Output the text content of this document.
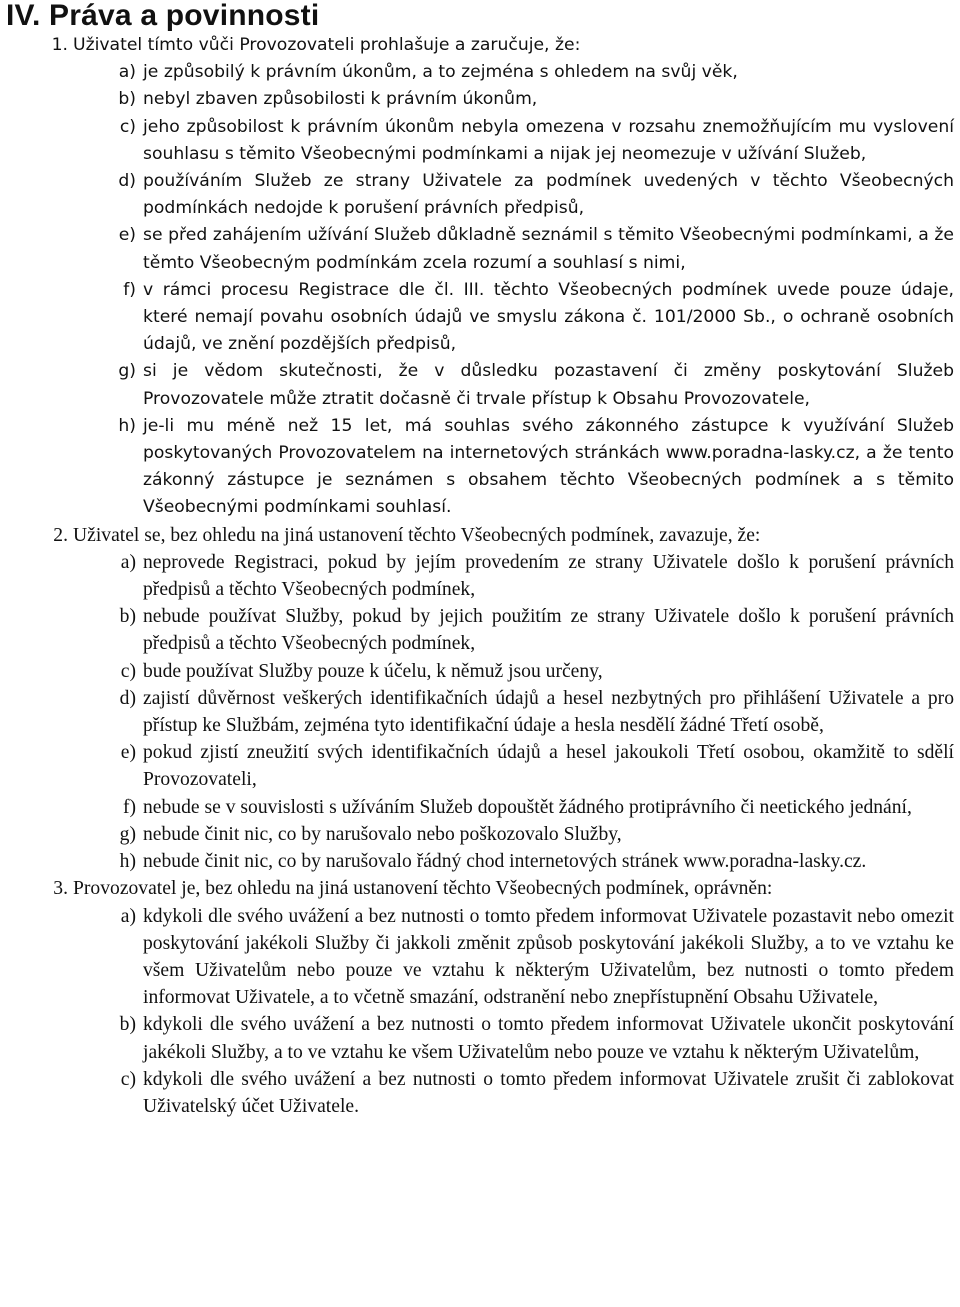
IV. Práva a povinnosti
1. Uživatel tímto vůči Provozovateli prohlašuje a zaručuje, že:
a) je způsobilý k právním úkonům, a to zejména s ohledem na svůj věk,
b) nebyl zbaven způsobilosti k právním úkonům,
c) jeho způsobilost k právním úkonům nebyla omezena v rozsahu znemožňujícím mu vyslovení souhlasu s těmito Všeobecnými podmínkami a nijak jej neomezuje v užívání Služeb,
d) používáním Služeb ze strany Uživatele za podmínek uvedených v těchto Všeobecných podmínkách nedojde k porušení právních předpisů,
e) se před zahájením užívání Služeb důkladně seznámil s těmito Všeobecnými podmínkami, a že těmto Všeobecným podmínkám zcela rozumí a souhlasí s nimi,
f) v rámci procesu Registrace dle čl. III. těchto Všeobecných podmínek uvede pouze údaje, které nemají povahu osobních údajů ve smyslu zákona č. 101/2000 Sb., o ochraně osobních údajů, ve znění pozdějších předpisů,
g) si je vědom skutečnosti, že v důsledku pozastavení či změny poskytování Služeb Provozovatele může ztratit dočasně či trvale přístup k Obsahu Provozovatele,
h) je-li mu méně než 15 let, má souhlas svého zákonného zástupce k využívání Služeb poskytovaných Provozovatelem na internetových stránkách www.poradna-lasky.cz, a že tento zákonný zástupce je seznámen s obsahem těchto Všeobecných podmínek a s těmito Všeobecnými podmínkami souhlasí.
2. Uživatel se, bez ohledu na jiná ustanovení těchto Všeobecných podmínek, zavazuje, že:
a) neprovede Registraci, pokud by jejím provedením ze strany Uživatele došlo k porušení právních předpisů a těchto Všeobecných podmínek,
b) nebude používat Služby, pokud by jejich použitím ze strany Uživatele došlo k porušení právních předpisů a těchto Všeobecných podmínek,
c) bude používat Služby pouze k účelu, k němuž jsou určeny,
d) zajistí důvěrnost veškerých identifikačních údajů a hesel nezbytných pro přihlášení Uživatele a pro přístup ke Službám, zejména tyto identifikační údaje a hesla nesdělí žádné Třetí osobě,
e) pokud zjistí zneužití svých identifikačních údajů a hesel jakoukoli Třetí osobou, okamžitě to sdělí Provozovateli,
f) nebude se v souvislosti s užíváním Služeb dopouštět žádného protiprávního či neetického jednání,
g) nebude činit nic, co by narušovalo nebo poškozovalo Služby,
h) nebude činit nic, co by narušovalo řádný chod internetových stránek www.poradna-lasky.cz.
3. Provozovatel je, bez ohledu na jiná ustanovení těchto Všeobecných podmínek, oprávněn:
a) kdykoli dle svého uvážení a bez nutnosti o tomto předem informovat Uživatele pozastavit nebo omezit poskytování jakékoli Služby či jakkoli změnit způsob poskytování jakékoli Služby, a to ve vztahu ke všem Uživatelům nebo pouze ve vztahu k některým Uživatelům, bez nutnosti o tomto předem informovat Uživatele, a to včetně smazání, odstranění nebo znepřístupnění Obsahu Uživatele,
b) kdykoli dle svého uvážení a bez nutnosti o tomto předem informovat Uživatele ukončit poskytování jakékoli Služby, a to ve vztahu ke všem Uživatelům nebo pouze ve vztahu k některým Uživatelům,
c) kdykoli dle svého uvážení a bez nutnosti o tomto předem informovat Uživatele zrušit či zablokovat Uživatelský účet Uživatele.
